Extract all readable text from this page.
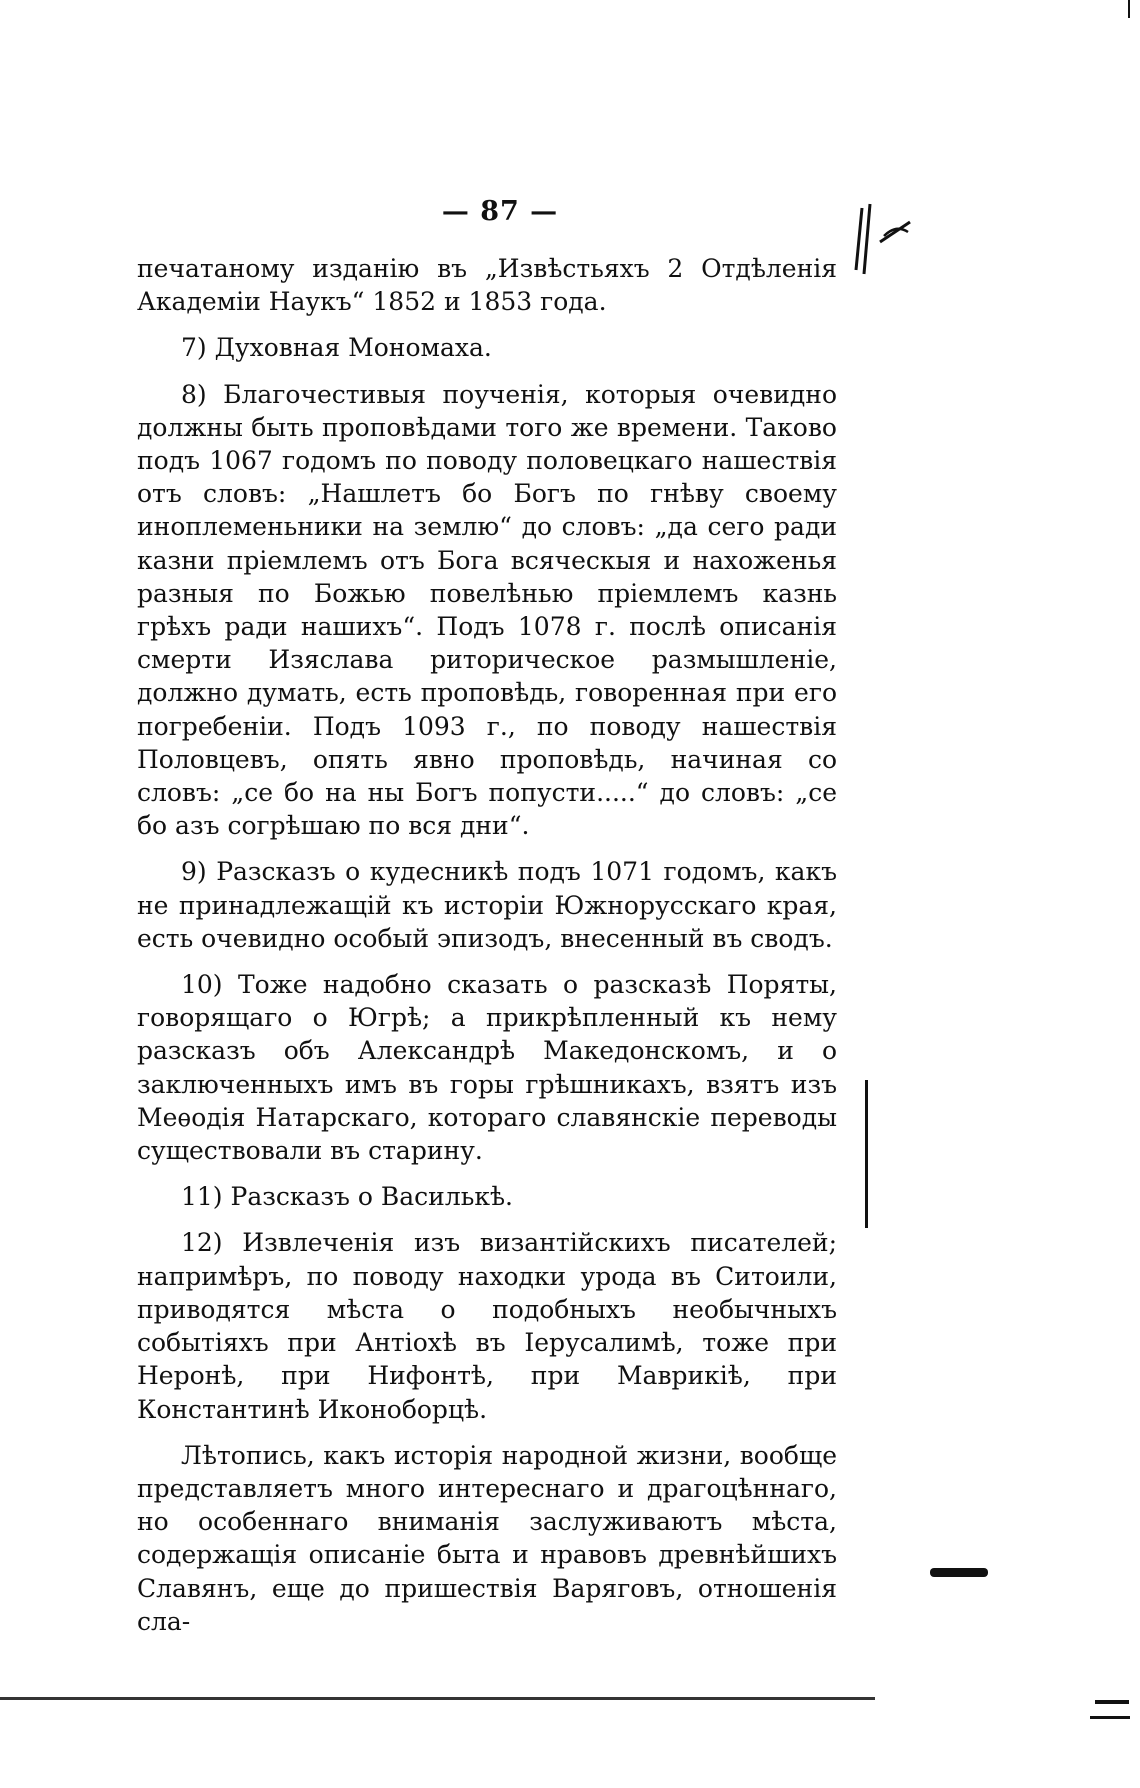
— 87 —

печатаному изданію въ „Извѣстьяхъ 2 Отдѣленія Академіи Наукъ“ 1852 и 1853 года.

7) Духовная Мономаха.

8) Благочестивыя поученія, которыя очевидно должны быть проповѣдами того же времени. Таково подъ 1067 годомъ по поводу половецкаго нашествія отъ словъ: „Нашлетъ бо Богъ по гнѣву своему иноплеменьники на землю“ до словъ: „да сего ради казни пріемлемъ отъ Бога всяческыя и нахоженья разныя по Божью повелѣнью пріемлемъ казнь грѣхъ ради нашихъ“. Подъ 1078 г. послѣ описанія смерти Изяслава риторическое размышленіе, должно думать, есть проповѣдь, говоренная при его погребеніи. Подъ 1093 г., по поводу нашествія Половцевъ, опять явно проповѣдь, начиная со словъ: „се бо на ны Богъ попусти.....“ до словъ: „се бо азъ согрѣшаю по вся дни“.

9) Разсказъ о кудесникѣ подъ 1071 годомъ, какъ не принадлежащій къ исторіи Южнорусскаго края, есть очевидно особый эпизодъ, внесенный въ сводъ.

10) Тоже надобно сказать о разсказѣ Поряты, говорящаго о Югрѣ; а прикрѣпленный къ нему разсказъ объ Александрѣ Македонскомъ, и о заключенныхъ имъ въ горы грѣшникахъ, взятъ изъ Меѳодія Натарскаго, котораго славянскіе переводы существовали въ старину.

11) Разсказъ о Василькѣ.

12) Извлеченія изъ византійскихъ писателей; напримѣръ, по поводу находки урода въ Ситоили, приводятся мѣста о подобныхъ необычныхъ событіяхъ при Антіохѣ въ Іерусалимѣ, тоже при Неронѣ, при Нифонтѣ, при Маврикіѣ, при Константинѣ Иконоборцѣ.

Лѣтопись, какъ исторія народной жизни, вообще представляетъ много интереснаго и драгоцѣннаго, но особеннаго вниманія заслуживаютъ мѣста, содержащія описаніе быта и нравовъ древнѣйшихъ Славянъ, еще до пришествія Варяговъ, отношенія сла-
